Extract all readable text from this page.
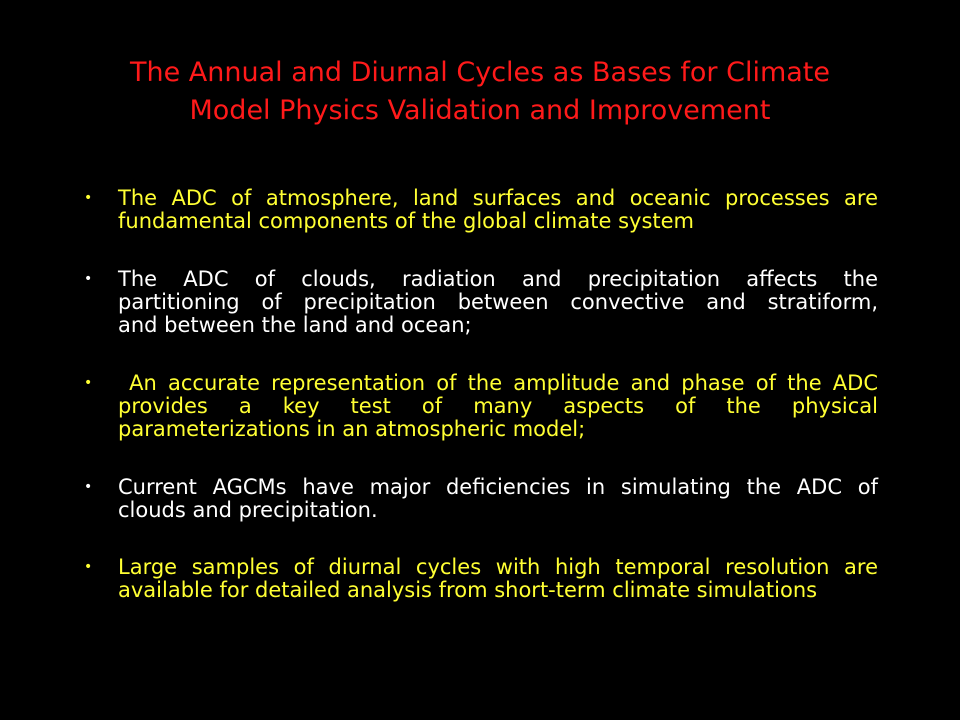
The Annual and Diurnal Cycles as Bases for Climate
Model Physics Validation and Improvement
• The ADC of atmosphere, land surfaces and oceanic processes are
fundamental components of the global climate system
• The ADC of clouds, radiation and precipitation affects the
partitioning of precipitation between convective and stratiform,
and between the land and ocean;
• An accurate representation of the amplitude and phase of the ADC
provides a key test of many aspects of the physical
parameterizations in an atmospheric model;
• Current AGCMs have major deficiencies in simulating the ADC of
clouds and precipitation.
• Large samples of diurnal cycles with high temporal resolution are
available for detailed analysis from short-term climate simulations
